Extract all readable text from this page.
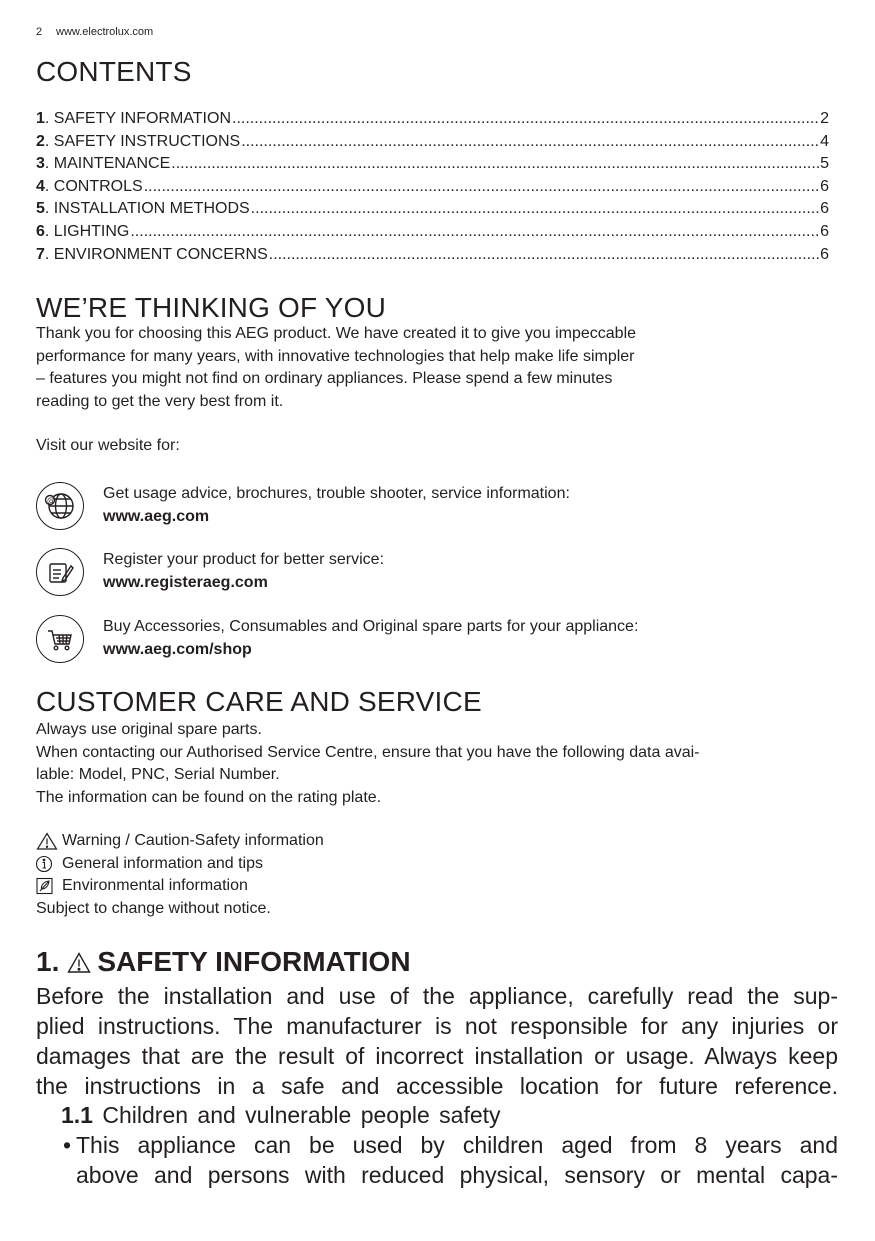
2 www.electrolux.com
CONTENTS
1. SAFETY INFORMATION .....	2
2. SAFETY INSTRUCTIONS .....	4
3. MAINTENANCE .....	5
4. CONTROLS .....	6
5. INSTALLATION METHODS .....	6
6. LIGHTING .....	6
7. ENVIRONMENT CONCERNS .....	6
WE’RE THINKING OF YOU
Thank you for choosing this AEG product. We have created it to give you impeccable
performance for many years, with innovative technologies that help make life simpler
– features you might not find on ordinary appliances. Please spend a few minutes
reading to get the very best from it.
Visit our website for:
@	Get usage advice, brochures, trouble shooter, service information:
www.aeg.com
Register your product for better service:
www.registeraeg.com
Buy Accessories, Consumables and Original spare parts for your appliance:
www.aeg.com/shop
CUSTOMER CARE AND SERVICE
Always use original spare parts.
When contacting our Authorised Service Centre, ensure that you have the following data avai-
lable: Model, PNC, Serial Number.
The information can be found on the rating plate.
Warning / Caution-Safety information
General information and tips
Environmental information
Subject to change without notice.
1. SAFETY INFORMATION
Before the installation and use of the appliance, carefully read the sup-
plied instructions. The manufacturer is not responsible for any injuries or
damages that are the result of incorrect installation or usage. Always keep
the instructions in a safe and accessible location for future reference.
1.1 Children and vulnerable people safety
• This appliance can be used by children aged from 8 years and
above and persons with reduced physical, sensory or mental capa-
